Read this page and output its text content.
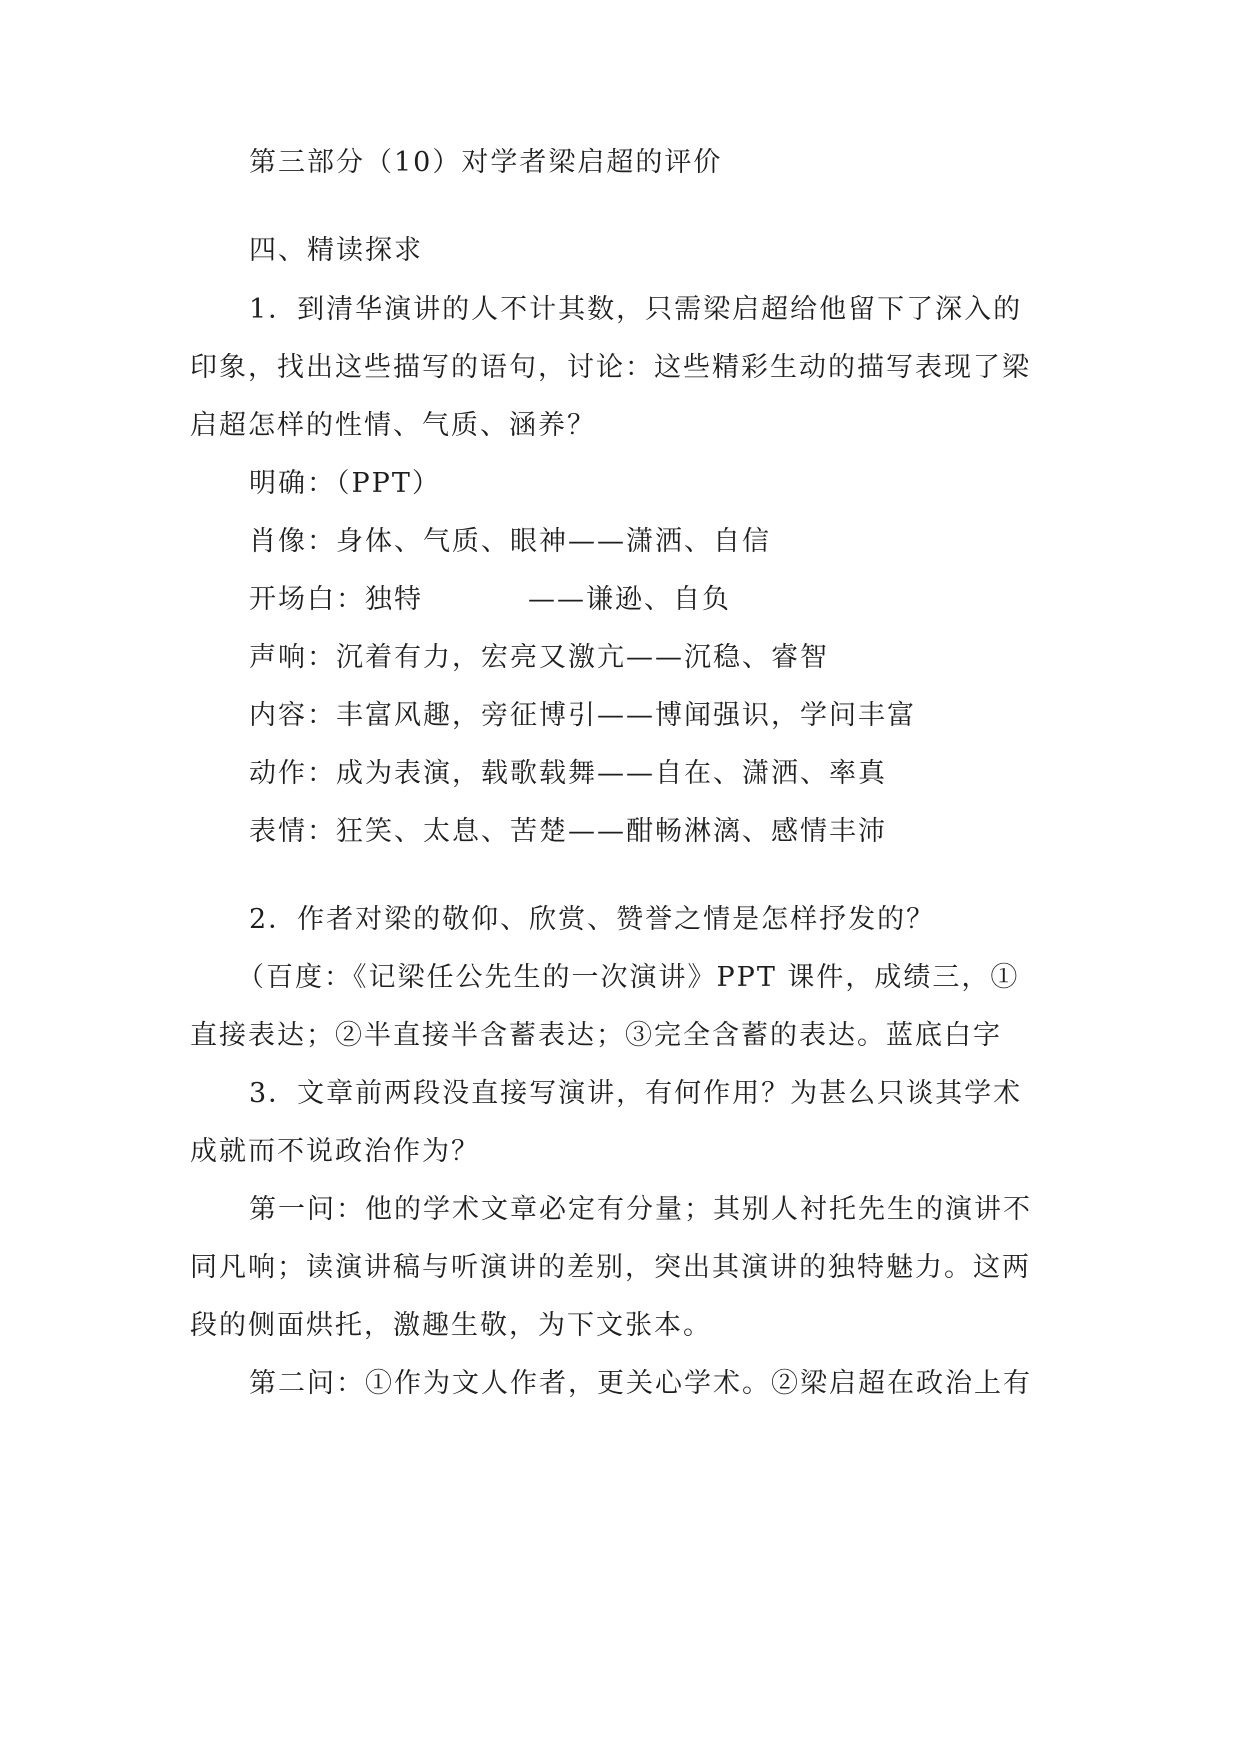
第三部分（10）对学者梁启超的评价

四、精读探求

1．到清华演讲的人不计其数，只需梁启超给他留下了深入的

印象，找出这些描写的语句，讨论：这些精彩生动的描写表现了梁

启超怎样的性情、气质、涵养？

明确：（PPT）

肖像：身体、气质、眼神——潇洒、自信

开场白：独特	——谦逊、自负

声响：沉着有力，宏亮又激亢——沉稳、睿智

内容：丰富风趣，旁征博引——博闻强识，学问丰富

动作：成为表演，载歌载舞——自在、潇洒、率真

表情：狂笑、太息、苦楚——酣畅淋漓、感情丰沛

2．作者对梁的敬仰、欣赏、赞誉之情是怎样抒发的？

（百度：《记梁任公先生的一次演讲》PPT 课件，成绩三，①

直接表达；②半直接半含蓄表达；③完全含蓄的表达。蓝底白字

3．文章前两段没直接写演讲，有何作用？为甚么只谈其学术

成就而不说政治作为？

第一问：他的学术文章必定有分量；其别人衬托先生的演讲不

同凡响；读演讲稿与听演讲的差别，突出其演讲的独特魅力。这两

段的侧面烘托，激趣生敬，为下文张本。

第二问：①作为文人作者，更关心学术。②梁启超在政治上有
